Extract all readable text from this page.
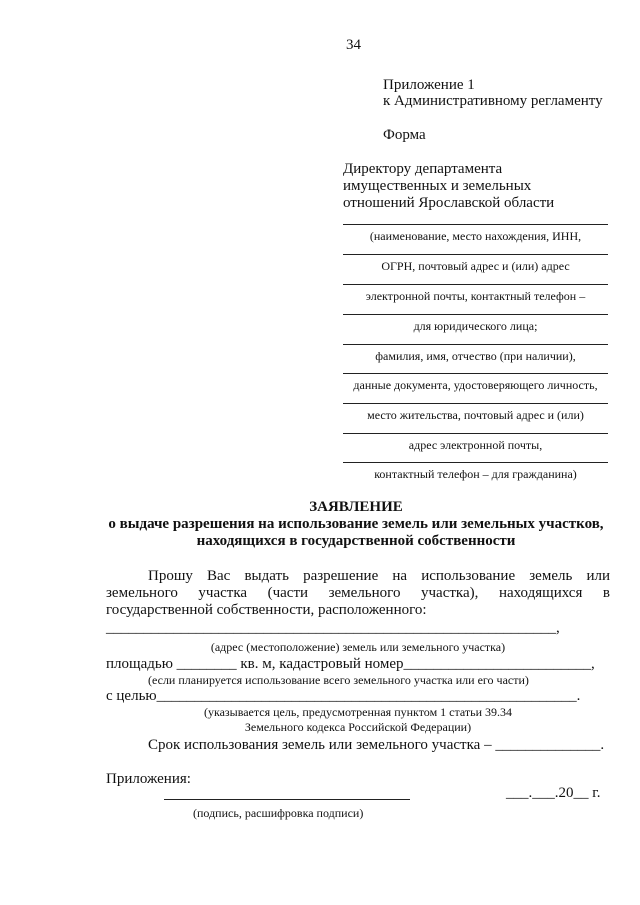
34
Приложение 1
к Административному регламенту
Форма
Директору департамента
имущественных и земельных
отношений Ярославской области
(наименование, место нахождения, ИНН,
ОГРН, почтовый адрес и (или) адрес
электронной почты, контактный телефон –
для юридического лица;
фамилия, имя, отчество (при наличии),
данные документа, удостоверяющего личность,
место жительства, почтовый адрес и (или)
адрес электронной почты,
контактный телефон – для гражданина)
ЗАЯВЛЕНИЕ
о выдаче разрешения на использование земель или земельных участков,
находящихся в государственной собственности
Прошу Вас выдать разрешение на использование земель или
земельного участка (части земельного участка), находящихся в
государственной собственности, расположенного:
____________________________________________________________,
(адрес (местоположение) земель или земельного участка)
площадью ________ кв. м, кадастровый номер_________________________,
(если планируется использование всего земельного участка или его части)
с целью________________________________________________________.
(указывается цель, предусмотренная пунктом 1 статьи 39.34
Земельного кодекса Российской Федерации)
Срок использования земель или земельного участка – ______________.
Приложения:
___.___.20__ г.
(подпись, расшифровка подписи)
